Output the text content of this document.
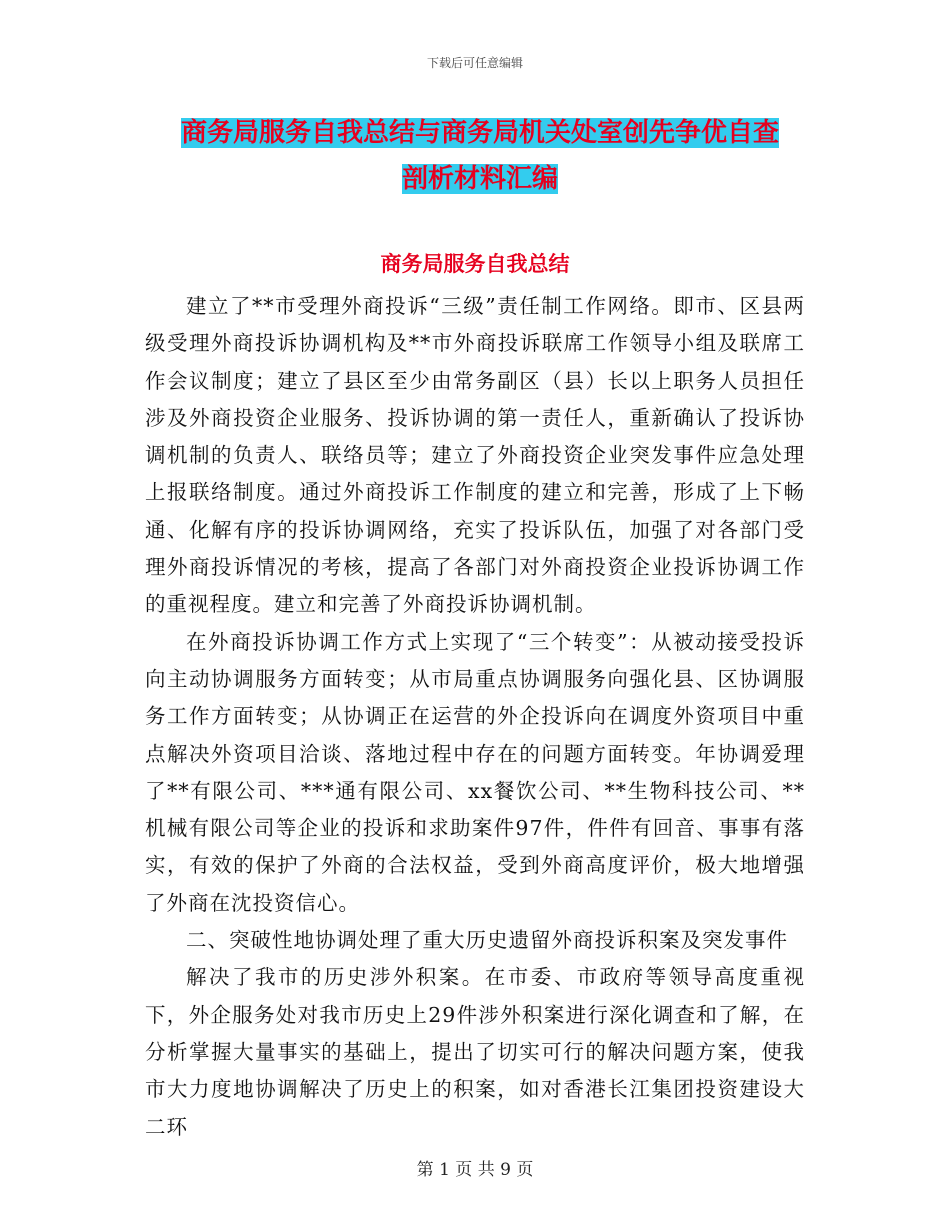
下载后可任意编辑
商务局服务自我总结与商务局机关处室创先争优自查
剖析材料汇编
商务局服务自我总结

建立了**市受理外商投诉“三级”责任制工作网络。即市、区县两级受理外商投诉协调机构及**市外商投诉联席工作领导小组及联席工作会议制度；建立了县区至少由常务副区（县）长以上职务人员担任涉及外商投资企业服务、投诉协调的第一责任人，重新确认了投诉协调机制的负责人、联络员等；建立了外商投资企业突发事件应急处理上报联络制度。通过外商投诉工作制度的建立和完善，形成了上下畅通、化解有序的投诉协调网络，充实了投诉队伍，加强了对各部门受理外商投诉情况的考核，提高了各部门对外商投资企业投诉协调工作的重视程度。建立和完善了外商投诉协调机制。

在外商投诉协调工作方式上实现了“三个转变”：从被动接受投诉向主动协调服务方面转变；从市局重点协调服务向强化县、区协调服务工作方面转变；从协调正在运营的外企投诉向在调度外资项目中重点解决外资项目洽谈、落地过程中存在的问题方面转变。年协调爱理了**有限公司、***通有限公司、xx餐饮公司、**生物科技公司、**机械有限公司等企业的投诉和求助案件97件，件件有回音、事事有落实，有效的保护了外商的合法权益，受到外商高度评价，极大地增强了外商在沈投资信心。

二、突破性地协调处理了重大历史遗留外商投诉积案及突发事件

解决了我市的历史涉外积案。在市委、市政府等领导高度重视下，外企服务处对我市历史上29件涉外积案进行深化调查和了解，在分析掌握大量事实的基础上，提出了切实可行的解决问题方案，使我市大力度地协调解决了历史上的积案，如对香港长江集团投资建设大二环

第 1 页 共 9 页
